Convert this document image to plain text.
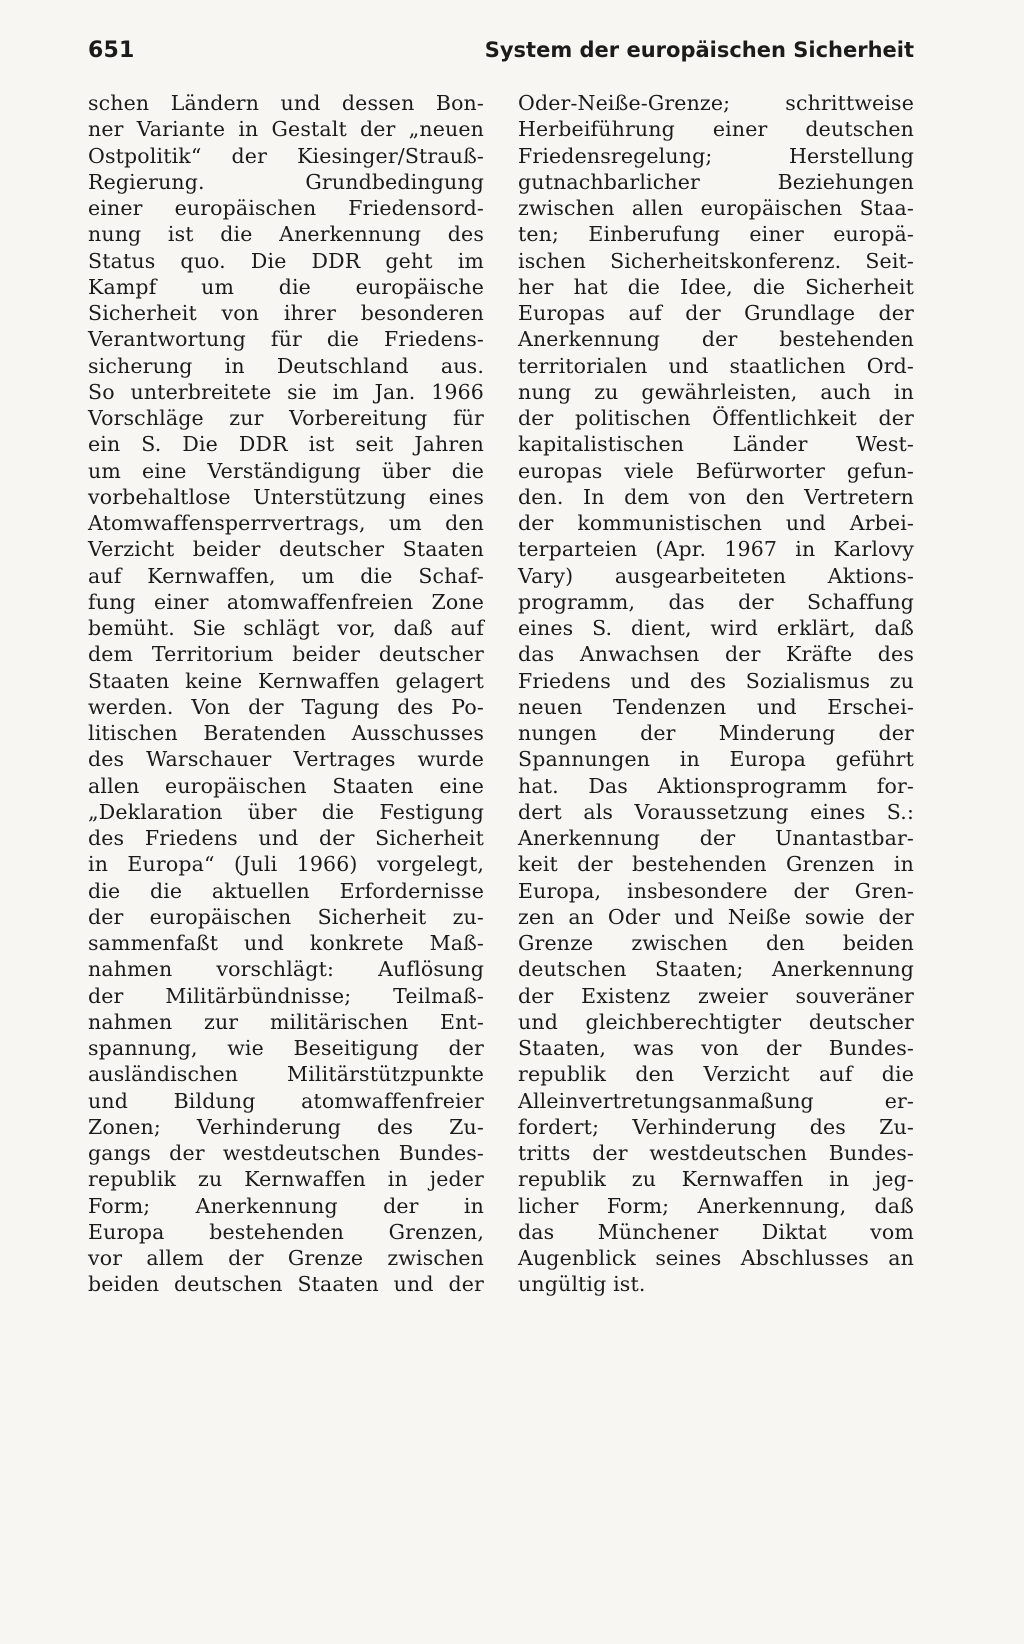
651	System der europäischen Sicherheit
schen Ländern und dessen Bon-
ner Variante in Gestalt der „neuen
Ostpolitik“ der Kiesinger/Strauß-
Regierung. Grundbedingung
einer europäischen Friedensord-
nung ist die Anerkennung des
Status quo. Die DDR geht im
Kampf um die europäische
Sicherheit von ihrer besonderen
Verantwortung für die Friedens-
sicherung in Deutschland aus.
So unterbreitete sie im Jan. 1966
Vorschläge zur Vorbereitung für
ein S. Die DDR ist seit Jahren
um eine Verständigung über die
vorbehaltlose Unterstützung eines
Atomwaffensperrvertrags, um den
Verzicht beider deutscher Staaten
auf Kernwaffen, um die Schaf-
fung einer atomwaffenfreien Zone
bemüht. Sie schlägt vor, daß auf
dem Territorium beider deutscher
Staaten keine Kernwaffen gelagert
werden. Von der Tagung des Po-
litischen Beratenden Ausschusses
des Warschauer Vertrages wurde
allen europäischen Staaten eine
„Deklaration über die Festigung
des Friedens und der Sicherheit
in Europa“ (Juli 1966) vorgelegt,
die die aktuellen Erfordernisse
der europäischen Sicherheit zu-
sammenfaßt und konkrete Maß-
nahmen vorschlägt: Auflösung
der Militärbündnisse; Teilmaß-
nahmen zur militärischen Ent-
spannung, wie Beseitigung der
ausländischen Militärstützpunkte
und Bildung atomwaffenfreier
Zonen; Verhinderung des Zu-
gangs der westdeutschen Bundes-
republik zu Kernwaffen in jeder
Form; Anerkennung der in
Europa bestehenden Grenzen,
vor allem der Grenze zwischen
beiden deutschen Staaten und der
Oder-Neiße-Grenze; schrittweise
Herbeiführung einer deutschen
Friedensregelung; Herstellung
gutnachbarlicher Beziehungen
zwischen allen europäischen Staa-
ten; Einberufung einer europä-
ischen Sicherheitskonferenz. Seit-
her hat die Idee, die Sicherheit
Europas auf der Grundlage der
Anerkennung der bestehenden
territorialen und staatlichen Ord-
nung zu gewährleisten, auch in
der politischen Öffentlichkeit der
kapitalistischen Länder West-
europas viele Befürworter gefun-
den. In dem von den Vertretern
der kommunistischen und Arbei-
terparteien (Apr. 1967 in Karlovy
Vary) ausgearbeiteten Aktions-
programm, das der Schaffung
eines S. dient, wird erklärt, daß
das Anwachsen der Kräfte des
Friedens und des Sozialismus zu
neuen Tendenzen und Erschei-
nungen der Minderung der
Spannungen in Europa geführt
hat. Das Aktionsprogramm for-
dert als Voraussetzung eines S.:
Anerkennung der Unantastbar-
keit der bestehenden Grenzen in
Europa, insbesondere der Gren-
zen an Oder und Neiße sowie der
Grenze zwischen den beiden
deutschen Staaten; Anerkennung
der Existenz zweier souveräner
und gleichberechtigter deutscher
Staaten, was von der Bundes-
republik den Verzicht auf die
Alleinvertretungsanmaßung er-
fordert; Verhinderung des Zu-
tritts der westdeutschen Bundes-
republik zu Kernwaffen in jeg-
licher Form; Anerkennung, daß
das Münchener Diktat vom
Augenblick seines Abschlusses an
ungültig ist.
